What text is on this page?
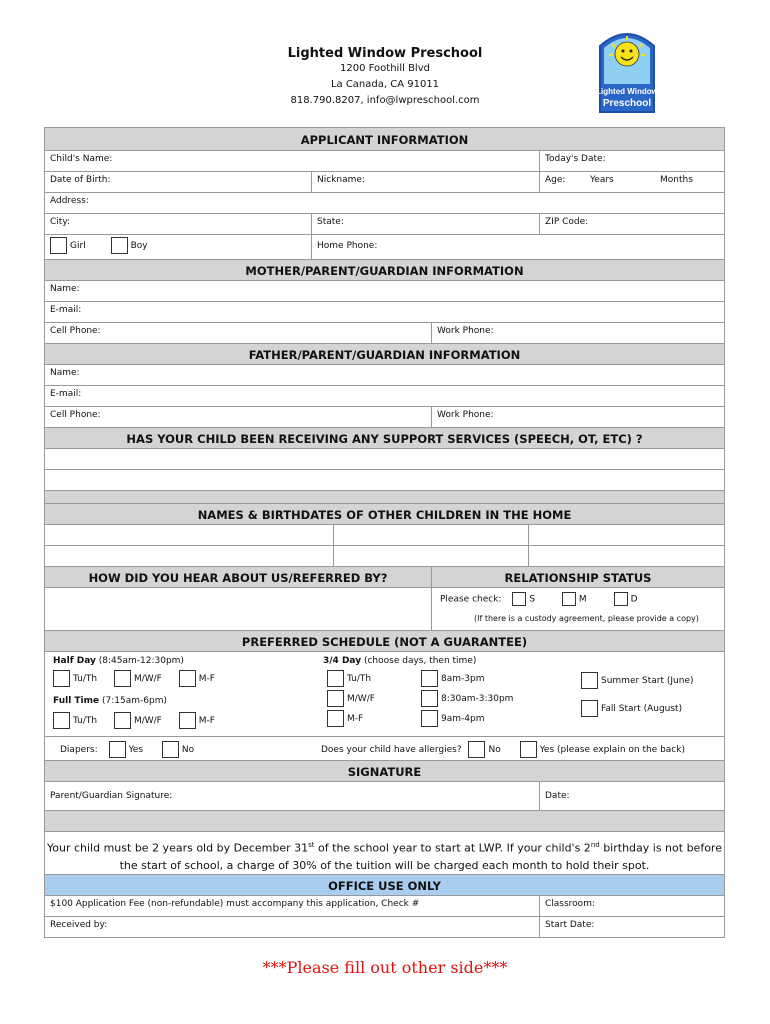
Lighted Window Preschool
1200 Foothill Blvd
La Canada, CA 91011
818.790.8207, info@lwpreschool.com
Lighted Window
Preschool
APPLICANT INFORMATION
Child's Name:	Today's Date:
Date of Birth:	Nickname:	Age:	Years	Months
Address:
City:	State:	ZIP Code:
Girl	Boy	Home Phone:
MOTHER/PARENT/GUARDIAN INFORMATION
Name:
E-mail:
Cell Phone:	Work Phone:
FATHER/PARENT/GUARDIAN INFORMATION
Name:
E-mail:
Cell Phone:	Work Phone:
HAS YOUR CHILD BEEN RECEIVING ANY SUPPORT SERVICES (SPEECH, OT, ETC) ?
NAMES & BIRTHDATES OF OTHER CHILDREN IN THE HOME
HOW DID YOU HEAR ABOUT US/REFERRED BY?	RELATIONSHIP STATUS
Please check:	S	M	D
(If there is a custody agreement, please provide a copy)
PREFERRED SCHEDULE (NOT A GUARANTEE)
Half Day (8:45am-12:30pm)
Tu/Th	M/W/F	M-F
Full Time (7:15am-6pm)
Tu/Th	M/W/F	M-F
3/4 Day (choose days, then time)
Tu/Th
M/W/F
M-F
8am-3pm
8:30am-3:30pm
9am-4pm
Summer Start (June)
Fall Start (August)
Diapers:	Yes	No	Does your child have allergies?	No	Yes (please explain on the back)
SIGNATURE
Parent/Guardian Signature:	Date:
Your child must be 2 years old by December 31st of the school year to start at LWP. If your child's 2nd birthday is not before
the start of school, a charge of 30% of the tuition will be charged each month to hold their spot.
OFFICE USE ONLY
$100 Application Fee (non-refundable) must accompany this application, Check #	Classroom:
Received by:	Start Date:
***Please fill out other side***
